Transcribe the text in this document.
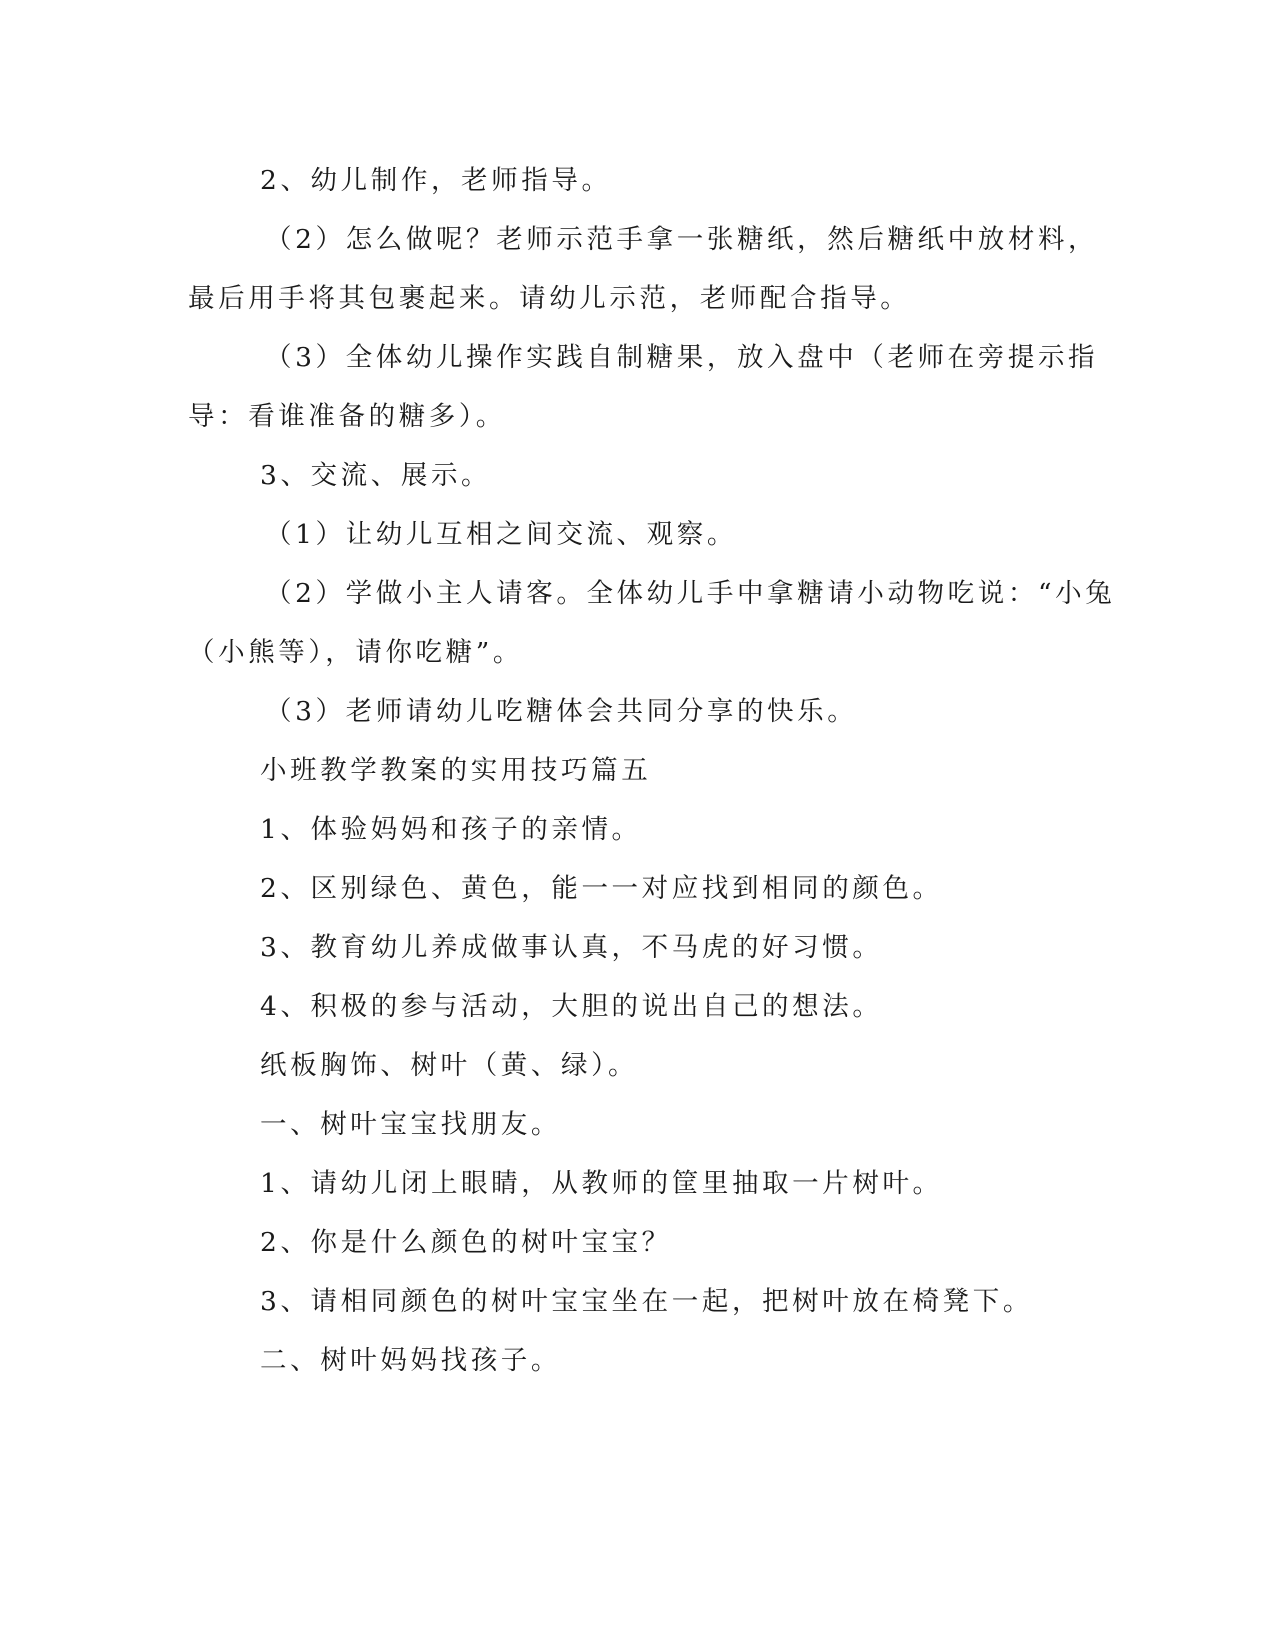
2、幼儿制作，老师指导。
（2）怎么做呢？老师示范手拿一张糖纸，然后糖纸中放材料，
最后用手将其包裹起来。请幼儿示范，老师配合指导。
（3）全体幼儿操作实践自制糖果，放入盘中（老师在旁提示指
导：看谁准备的糖多）。
3、交流、展示。
（1）让幼儿互相之间交流、观察。
（2）学做小主人请客。全体幼儿手中拿糖请小动物吃说：“小兔
（小熊等），请你吃糖”。
（3）老师请幼儿吃糖体会共同分享的快乐。
小班教学教案的实用技巧篇五
1、体验妈妈和孩子的亲情。
2、区别绿色、黄色，能一一对应找到相同的颜色。
3、教育幼儿养成做事认真，不马虎的好习惯。
4、积极的参与活动，大胆的说出自己的想法。
纸板胸饰、树叶（黄、绿）。
一、树叶宝宝找朋友。
1、请幼儿闭上眼睛，从教师的筐里抽取一片树叶。
2、你是什么颜色的树叶宝宝？
3、请相同颜色的树叶宝宝坐在一起，把树叶放在椅凳下。
二、树叶妈妈找孩子。
